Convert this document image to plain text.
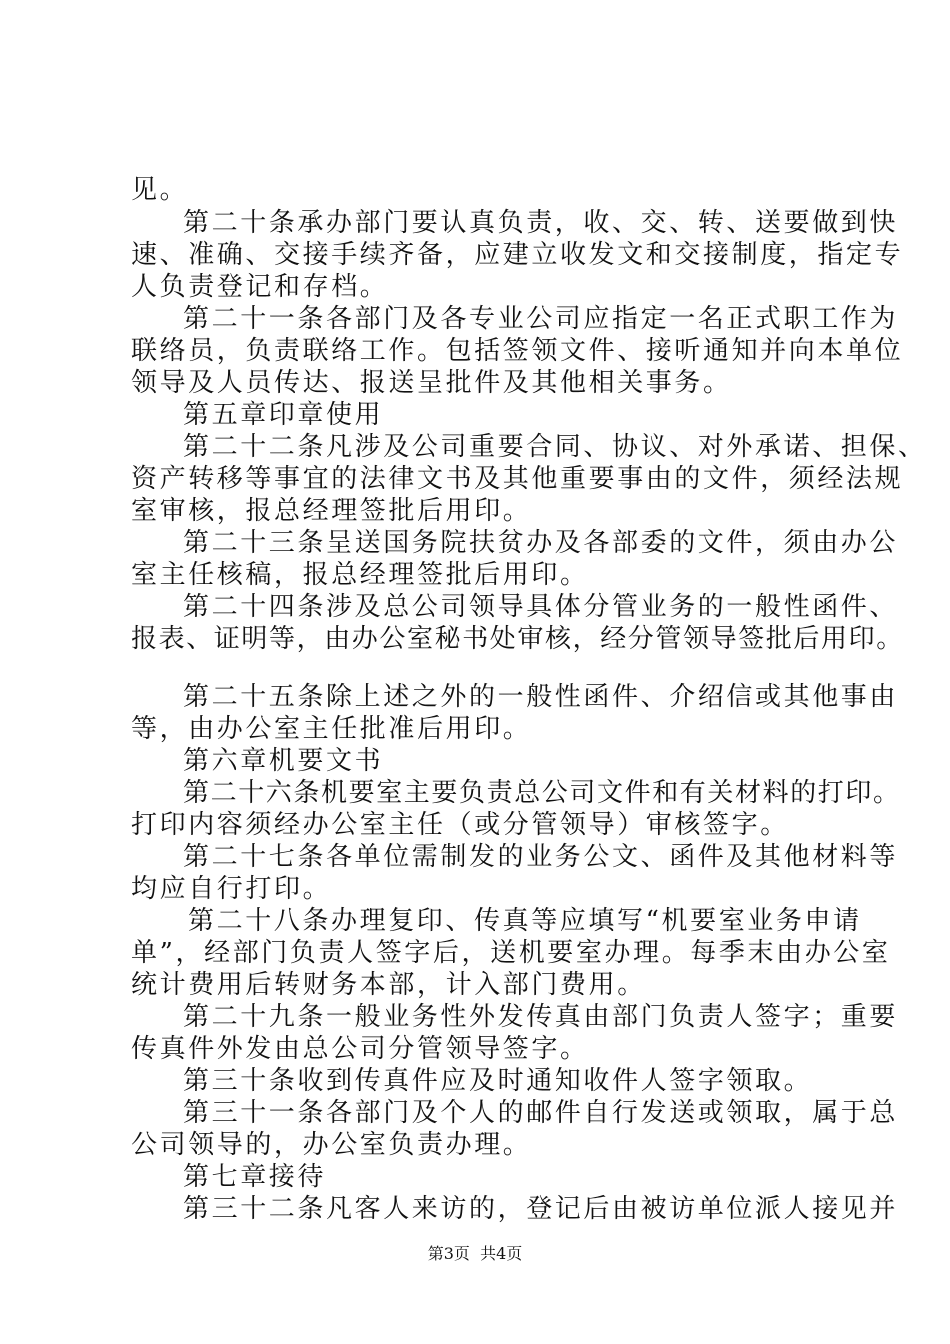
见。

第二十条承办部门要认真负责，收、交、转、送要做到快

速、准确、交接手续齐备，应建立收发文和交接制度，指定专

人负责登记和存档。

第二十一条各部门及各专业公司应指定一名正式职工作为

联络员，负责联络工作。包括签领文件、接听通知并向本单位

领导及人员传达、报送呈批件及其他相关事务。

第五章印章使用

第二十二条凡涉及公司重要合同、协议、对外承诺、担保、

资产转移等事宜的法律文书及其他重要事由的文件，须经法规

室审核，报总经理签批后用印。

第二十三条呈送国务院扶贫办及各部委的文件，须由办公

室主任核稿，报总经理签批后用印。

第二十四条涉及总公司领导具体分管业务的一般性函件、

报表、证明等，由办公室秘书处审核，经分管领导签批后用印。

第二十五条除上述之外的一般性函件、介绍信或其他事由

等，由办公室主任批准后用印。

第六章机要文书

第二十六条机要室主要负责总公司文件和有关材料的打印。

打印内容须经办公室主任（或分管领导）审核签字。

第二十七条各单位需制发的业务公文、函件及其他材料等

均应自行打印。

第二十八条办理复印、传真等应填写“机要室业务申请

单”，经部门负责人签字后，送机要室办理。每季末由办公室

统计费用后转财务本部，计入部门费用。

第二十九条一般业务性外发传真由部门负责人签字；重要

传真件外发由总公司分管领导签字。

第三十条收到传真件应及时通知收件人签字领取。

第三十一条各部门及个人的邮件自行发送或领取，属于总

公司领导的，办公室负责办理。

第七章接待

第三十二条凡客人来访的，登记后由被访单位派人接见并

第3页  共4页
